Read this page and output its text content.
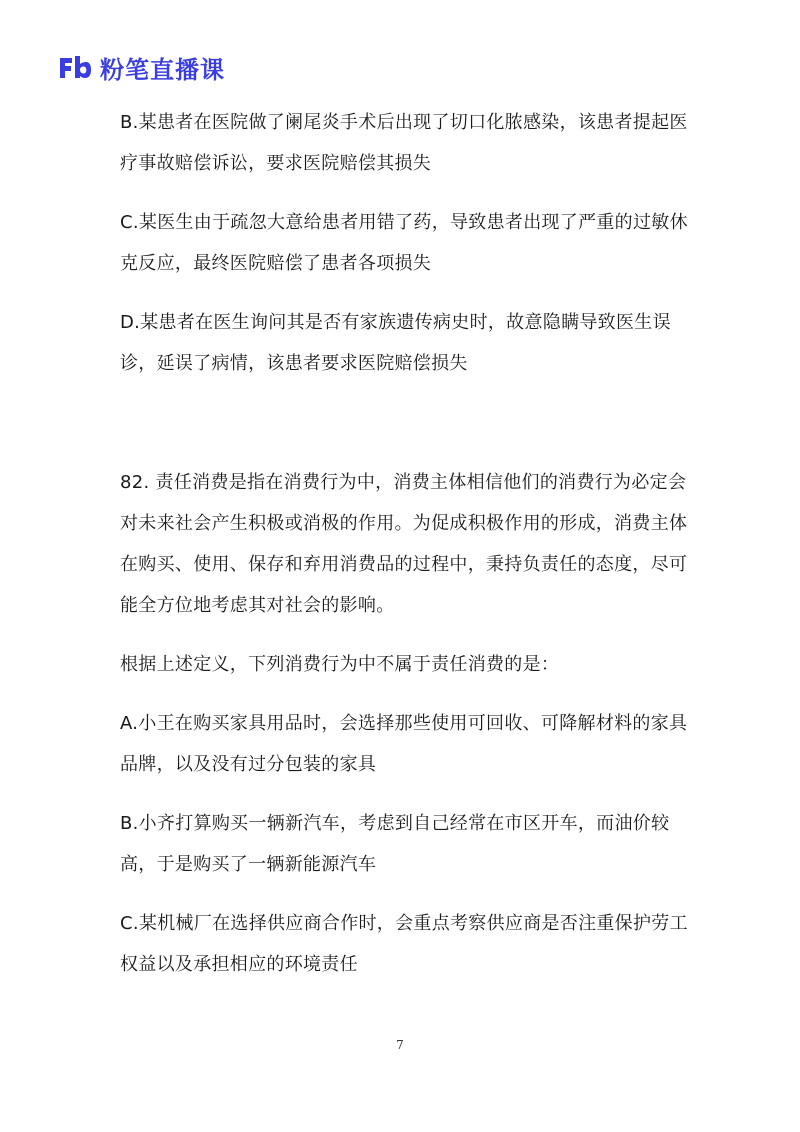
粉笔直播课

B.某患者在医院做了阑尾炎手术后出现了切口化脓感染，该患者提起医疗事故赔偿诉讼，要求医院赔偿其损失

C.某医生由于疏忽大意给患者用错了药，导致患者出现了严重的过敏休克反应，最终医院赔偿了患者各项损失

D.某患者在医生询问其是否有家族遗传病史时，故意隐瞒导致医生误诊，延误了病情，该患者要求医院赔偿损失

82. 责任消费是指在消费行为中，消费主体相信他们的消费行为必定会对未来社会产生积极或消极的作用。为促成积极作用的形成，消费主体在购买、使用、保存和弃用消费品的过程中，秉持负责任的态度，尽可能全方位地考虑其对社会的影响。

根据上述定义，下列消费行为中不属于责任消费的是：

A.小王在购买家具用品时，会选择那些使用可回收、可降解材料的家具品牌，以及没有过分包装的家具

B.小齐打算购买一辆新汽车，考虑到自己经常在市区开车，而油价较高，于是购买了一辆新能源汽车

C.某机械厂在选择供应商合作时，会重点考察供应商是否注重保护劳工权益以及承担相应的环境责任

7
